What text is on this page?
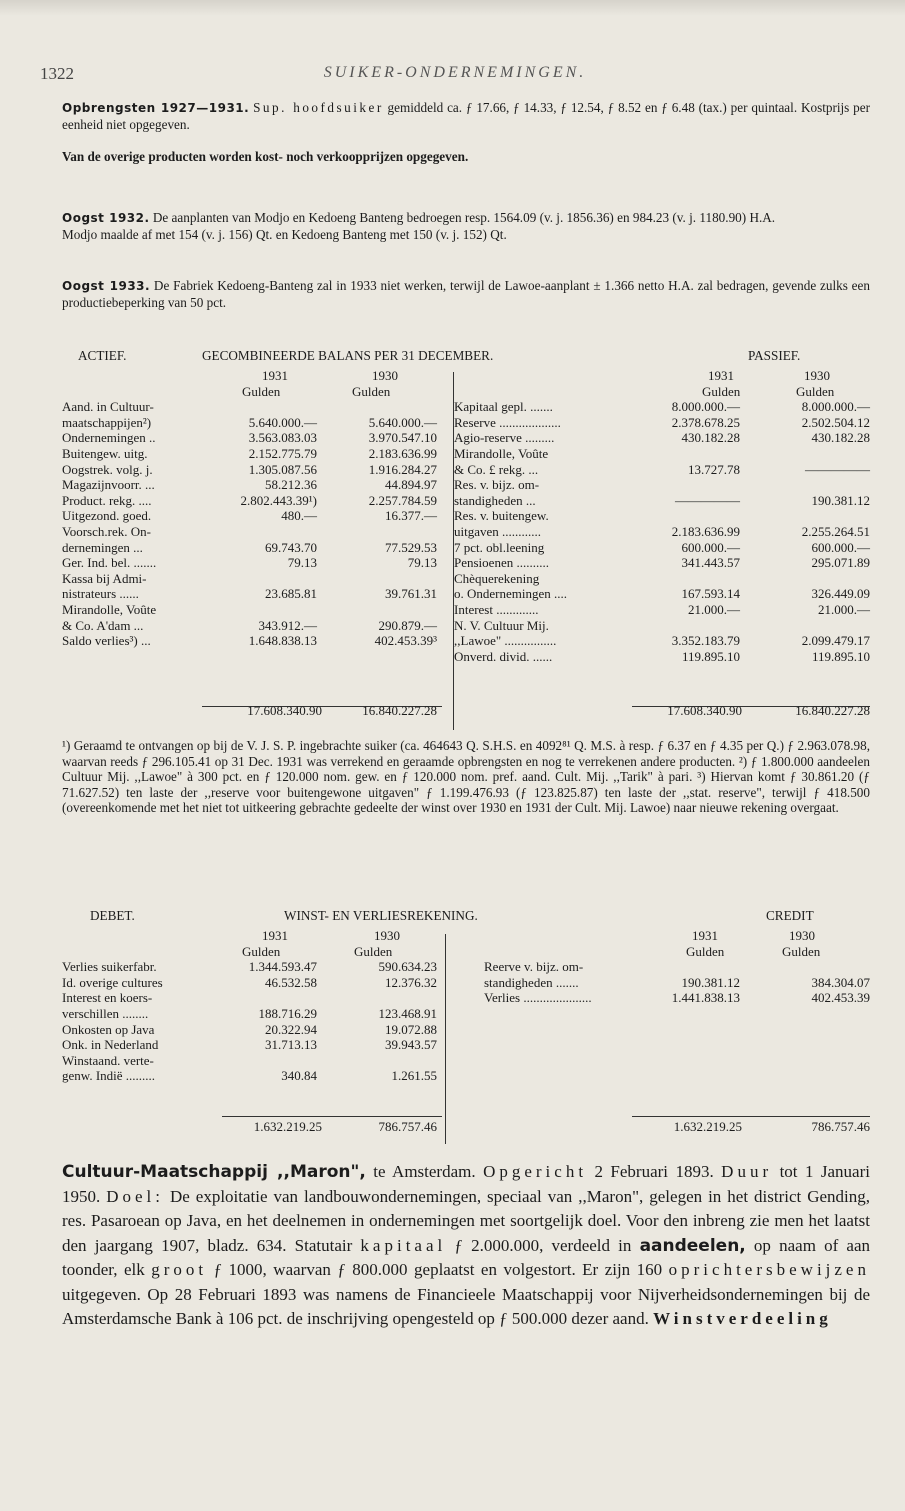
1322	SUIKER-ONDERNEMINGEN.

Opbrengsten 1927—1931. Sup. hoofdsuiker gemiddeld ca. ƒ 17.66, ƒ 14.33, ƒ 12.54, ƒ 8.52 en ƒ 6.48 (tax.) per quintaal. Kostprijs per eenheid niet opgegeven.

Van de overige producten worden kost- noch verkoopprijzen opgegeven.

Oogst 1932. De aanplanten van Modjo en Kedoeng Banteng bedroegen resp. 1564.09 (v. j. 1856.36) en 984.23 (v. j. 1180.90) H.A.

Modjo maalde af met 154 (v. j. 156) Qt. en Kedoeng Banteng met 150 (v. j. 152) Qt.

Oogst 1933. De Fabriek Kedoeng-Banteng zal in 1933 niet werken, terwijl de Lawoe-aanplant ± 1.366 netto H.A. zal bedragen, gevende zulks een productiebeperking van 50 pct.

ACTIEF.	GECOMBINEERDE BALANS PER 31 DECEMBER.	PASSIEF.
1931	1930	1931	1930
Gulden	Gulden	Gulden	Gulden
Aand. in Cultuur-
maatschappijen²)	5.640.000.—	5.640.000.—
Ondernemingen ..	3.563.083.03	3.970.547.10
Buitengew. uitg.	2.152.775.79	2.183.636.99
Oogstrek. volg. j.	1.305.087.56	1.916.284.27
Magazijnvoorr. ...	58.212.36	44.894.97
Product. rekg. ....	2.802.443.39¹)	2.257.784.59
Uitgezond. goed.	480.—	16.377.—
Voorsch.rek. On-
dernemingen ...	69.743.70	77.529.53
Ger. Ind. bel. .......	79.13	79.13
Kassa bij Admi-
nistrateurs ......	23.685.81	39.761.31
Mirandolle, Voûte
& Co. A'dam ...	343.912.—	290.879.—
Saldo verlies³) ...	1.648.838.13	402.453.39³
Kapitaal gepl. .......	8.000.000.—	8.000.000.—
Reserve ...................	2.378.678.25	2.502.504.12
Agio-reserve .........	430.182.28	430.182.28
Mirandolle, Voûte
& Co. £ rekg. ...	13.727.78	—————
Res. v. bijz. om-
standigheden ...	—————	190.381.12
Res. v. buitengew.
uitgaven ............	2.183.636.99	2.255.264.51
7 pct. obl.leening	600.000.—	600.000.—
Pensioenen ..........	341.443.57	295.071.89
Chèquerekening
o. Ondernemingen ....	167.593.14	326.449.09
Interest .............	21.000.—	21.000.—
N. V. Cultuur Mij.
,,Lawoe" ................	3.352.183.79	2.099.479.17
Onverd. divid. ......	119.895.10	119.895.10
17.608.340.90	16.840.227.28	17.608.340.90	16.840.227.28

¹) Geraamd te ontvangen op bij de V. J. S. P. ingebrachte suiker (ca. 464643 Q. S.H.S. en 4092⁸¹ Q. M.S. à resp. ƒ 6.37 en ƒ 4.35 per Q.) ƒ 2.963.078.98, waarvan reeds ƒ 296.105.41 op 31 Dec. 1931 was verrekend en geraamde opbrengsten en nog te verrekenen andere producten. ²) ƒ 1.800.000 aandeelen Cultuur Mij. ,,Lawoe" à 300 pct. en ƒ 120.000 nom. gew. en ƒ 120.000 nom. pref. aand. Cult. Mij. ,,Tarik" à pari. ³) Hiervan komt ƒ 30.861.20 (ƒ 71.627.52) ten laste der ,,reserve voor buitengewone uitgaven" ƒ 1.199.476.93 (ƒ 123.825.87) ten laste der ,,stat. reserve", terwijl ƒ 418.500 (overeenkomende met het niet tot uitkeering gebrachte gedeelte der winst over 1930 en 1931 der Cult. Mij. Lawoe) naar nieuwe rekening overgaat.

DEBET.	WINST- EN VERLIESREKENING.	CREDIT
1931	1930	1931	1930
Gulden	Gulden	Gulden	Gulden
Verlies suikerfabr.	1.344.593.47	590.634.23
Id. overige cultures	46.532.58	12.376.32
Interest en koers-
verschillen ........	188.716.29	123.468.91
Onkosten op Java	20.322.94	19.072.88
Onk. in Nederland	31.713.13	39.943.57
Winstaand. verte-
genw. Indië .........	340.84	1.261.55
Reerve v. bijz. om-
standigheden .......	190.381.12	384.304.07
Verlies .....................	1.441.838.13	402.453.39
1.632.219.25	786.757.46	1.632.219.25	786.757.46

Cultuur-Maatschappij ,,Maron", te Amsterdam. Opgericht 2 Februari 1893. Duur tot 1 Januari 1950. Doel: De exploitatie van landbouwondernemingen, speciaal van ,,Maron", gelegen in het district Gending, res. Pasaroean op Java, en het deelnemen in ondernemingen met soortgelijk doel. Voor den inbreng zie men het laatst den jaargang 1907, bladz. 634. Statutair kapitaal ƒ 2.000.000, verdeeld in aandeelen, op naam of aan toonder, elk groot ƒ 1000, waarvan ƒ 800.000 geplaatst en volgestort. Er zijn 160 oprichtersbewijzen uitgegeven. Op 28 Februari 1893 was namens de Financieele Maatschappij voor Nijverheidsondernemingen bij de Amsterdamsche Bank à 106 pct. de inschrijving opengesteld op ƒ 500.000 dezer aand. Winstverdeeling
